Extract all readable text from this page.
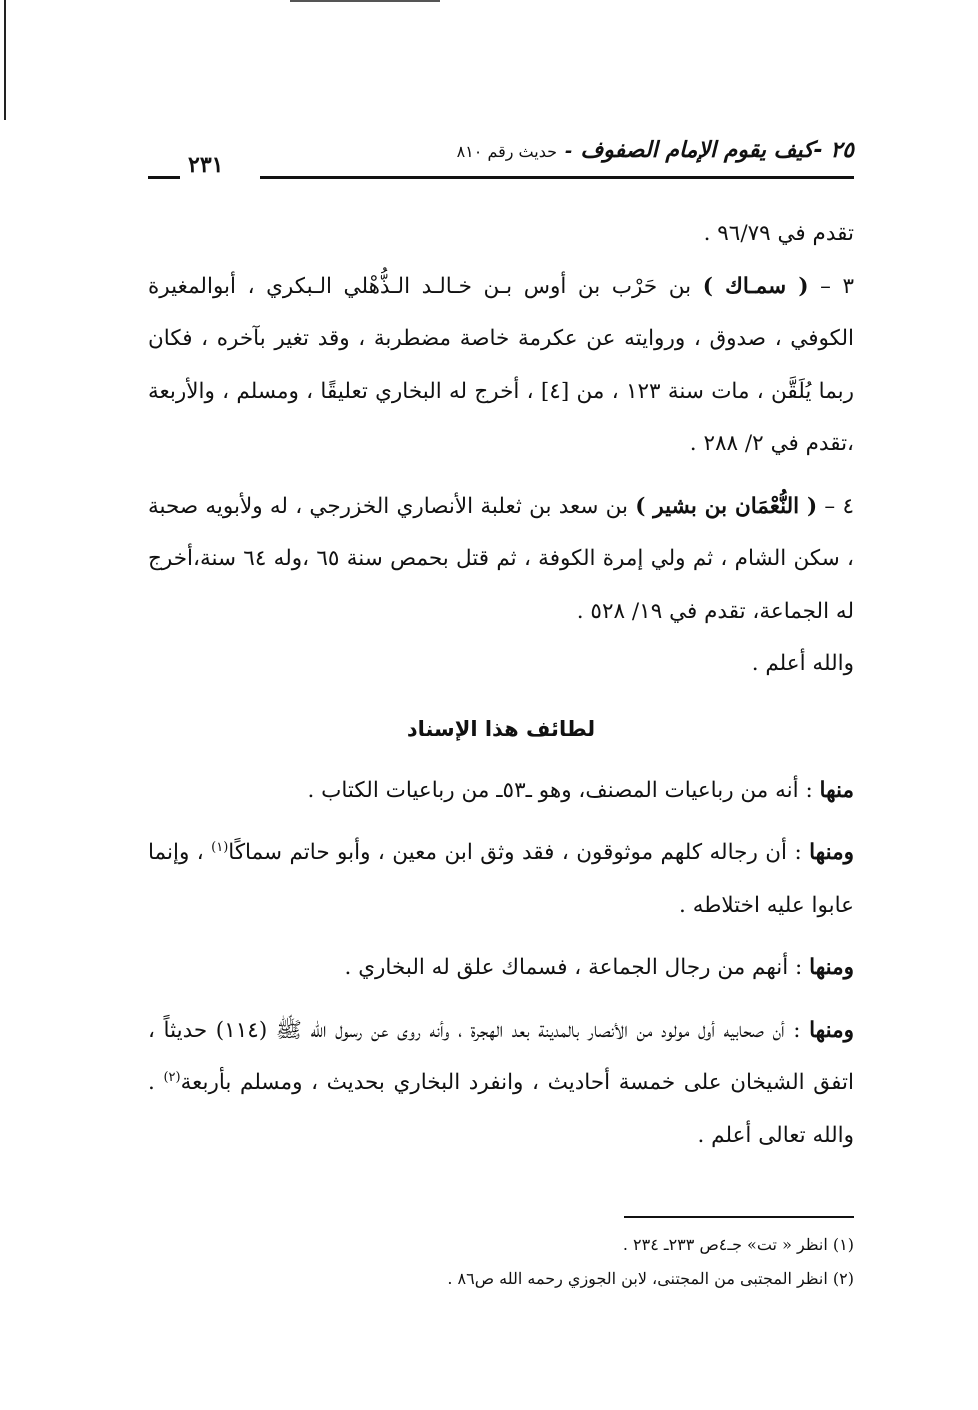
٢٥ -كيف يقوم الإمام الصفوف-حديث رقم ٨١٠
٢٣١

تقدم في ٩٦/٧٩ .

٣ – ( سمـاك ) بن حَرْب بن أوس بـن خـالـد الـذُّهْلي الـبكري ، أبوالمغيرة الكوفي ، صدوق ، وروايته عن عكرمة خاصة مضطربة ، وقد تغير بآخره ، فكان ربما يُلَقَّن ، مات سنة ١٢٣ ، من [٤] ، أخرج له البخاري تعليقًا ، ومسلم ، والأربعة ،تقدم في ٢/ ٢٨٨ .

٤ – ( النُّعْمَان بن بشير ) بن سعد بن ثعلبة الأنصاري الخزرجي ، له ولأبويه صحبة ، سكن الشام ، ثم ولي إمرة الكوفة ، ثم قتل بحمص سنة ٦٥ ،وله ٦٤ سنة،أخرج له الجماعة، تقدم في ١٩/ ٥٢٨ .
والله أعلم .

لطائف هذا الإسناد

منها : أنه من رباعيات المصنف، وهو ـ٥٣ـ من رباعيات الكتاب .

ومنها : أن رجاله كلهم موثوقون ، فقد وثق ابن معين ، وأبو حاتم سماكًا$^{(١)}$ ، وإنما عابوا عليه اختلاطه .

ومنها : أنهم من رجال الجماعة ، فسماك علق له البخاري .

ومنها : أن صحابيه أول مولود من الأنصار بالمدينة بعد الهجرة ، وأنه روى عن رسول الله ﷺ (١١٤) حديثاً ، اتفق الشيخان على خمسة أحاديث ، وانفرد البخاري بحديث ، ومسلم بأربعة$^{(٢)}$ . والله تعالى أعلم .

(١) انظر « تت» جـ٤ص ٢٣٣ـ ٢٣٤ .
(٢) انظر المجتبى من المجتنى، لابن الجوزي رحمه الله ص٨٦ .
